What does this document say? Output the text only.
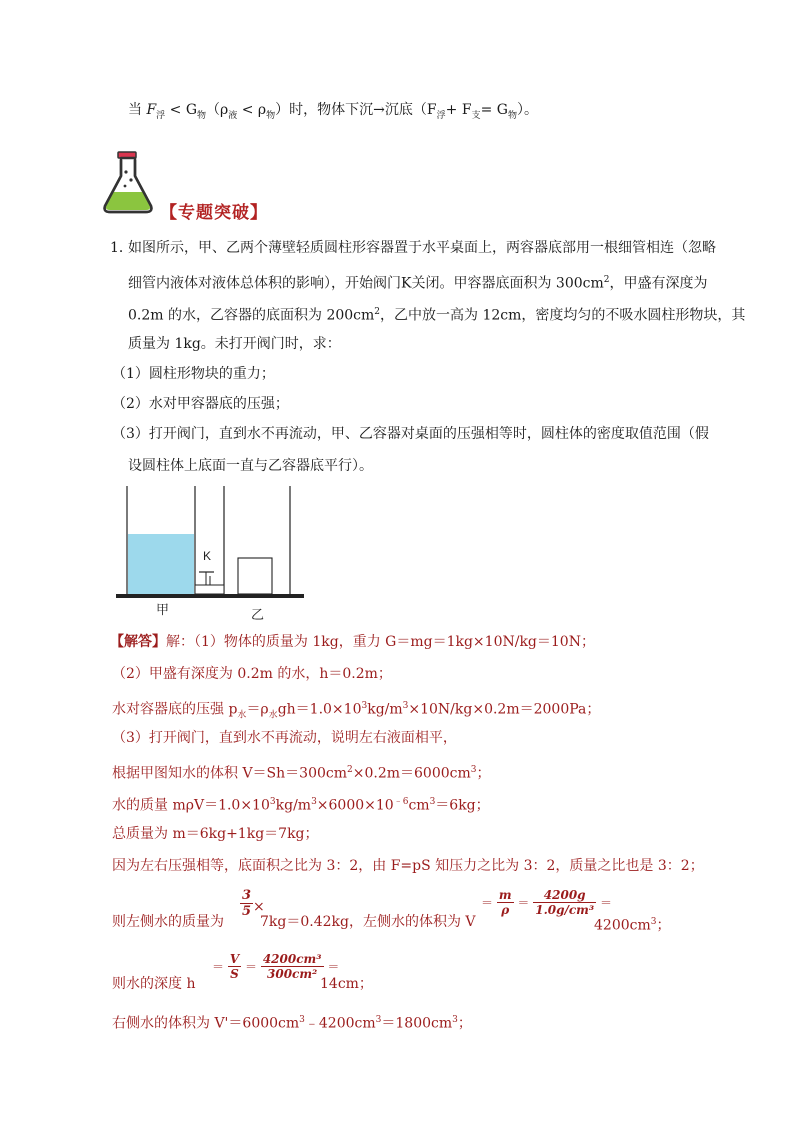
当 $F_浮 < G_物(\rho_液 < \rho_物)$时，物体下沉→沉底$(F_浮+ F_支= G_物)$。
【专题突破】
1．
如图所示，甲、乙两个薄壁轻质圆柱形容器置于水平桌面上，两容器底部用一根细管相连（忽略
细管内液体对液体总体积的影响），开始阀门K关闭。甲容器底面积为 $300cm^2$，甲盛有深度为
0.2m 的水，乙容器的底面积为 $200cm^2$，乙中放一高为 12cm，密度均匀的不吸水圆柱形物块，其
质量为 1kg。未打开阀门时，求：
（1）圆柱形物块的重力；
（2）水对甲容器底的压强；
（3）打开阀门，直到水不再流动，甲、乙容器对桌面的压强相等时，圆柱体的密度取值范围（假
设圆柱体上底面一直与乙容器底平行）。
K
甲	乙
【解答】解：（1）物体的质量为 1kg，重力 G＝mg＝1kg×10N/kg＝10N；
（2）甲盛有深度为 0.2m 的水，h＝0.2m；
水对容器底的压强 $p_水=\rho_水gh=1.0\times 10^3kg/m^3\times 10N/kg\times 0.2m=2000Pa$；
（3）打开阀门，直到水不再流动，说明左右液面相平，
根据甲图知水的体积 $V=Sh=300cm^2\times 0.2m=6000cm^3$；
水的质量 $m\rho V=1.0\times 10^3kg/m^3\times 6000\times 10^{﹣6}cm^3=6kg$；
总质量为 m＝6kg+1kg＝7kg；
因为左右压强相等，底面积之比为 3：2，由 F=pS 知压力之比为 3：2，质量之比也是 3：2；
则左侧水的质量为
$\frac{3}{5}$ ×
7kg＝0.42kg，左侧水的体积为 V
＝ $\frac{m}{\rho} = \frac{4200g}{\text{1.0g/cm³}}$ ＝
$4200cm^3$；
则水的深度 h
＝ $\frac{V}{S} = \frac{\text{4200cm³}}{\text{300cm²}}$ ＝
14cm；
右侧水的体积为 $V'=6000cm^3﹣4200cm^3=1800cm^3$；
